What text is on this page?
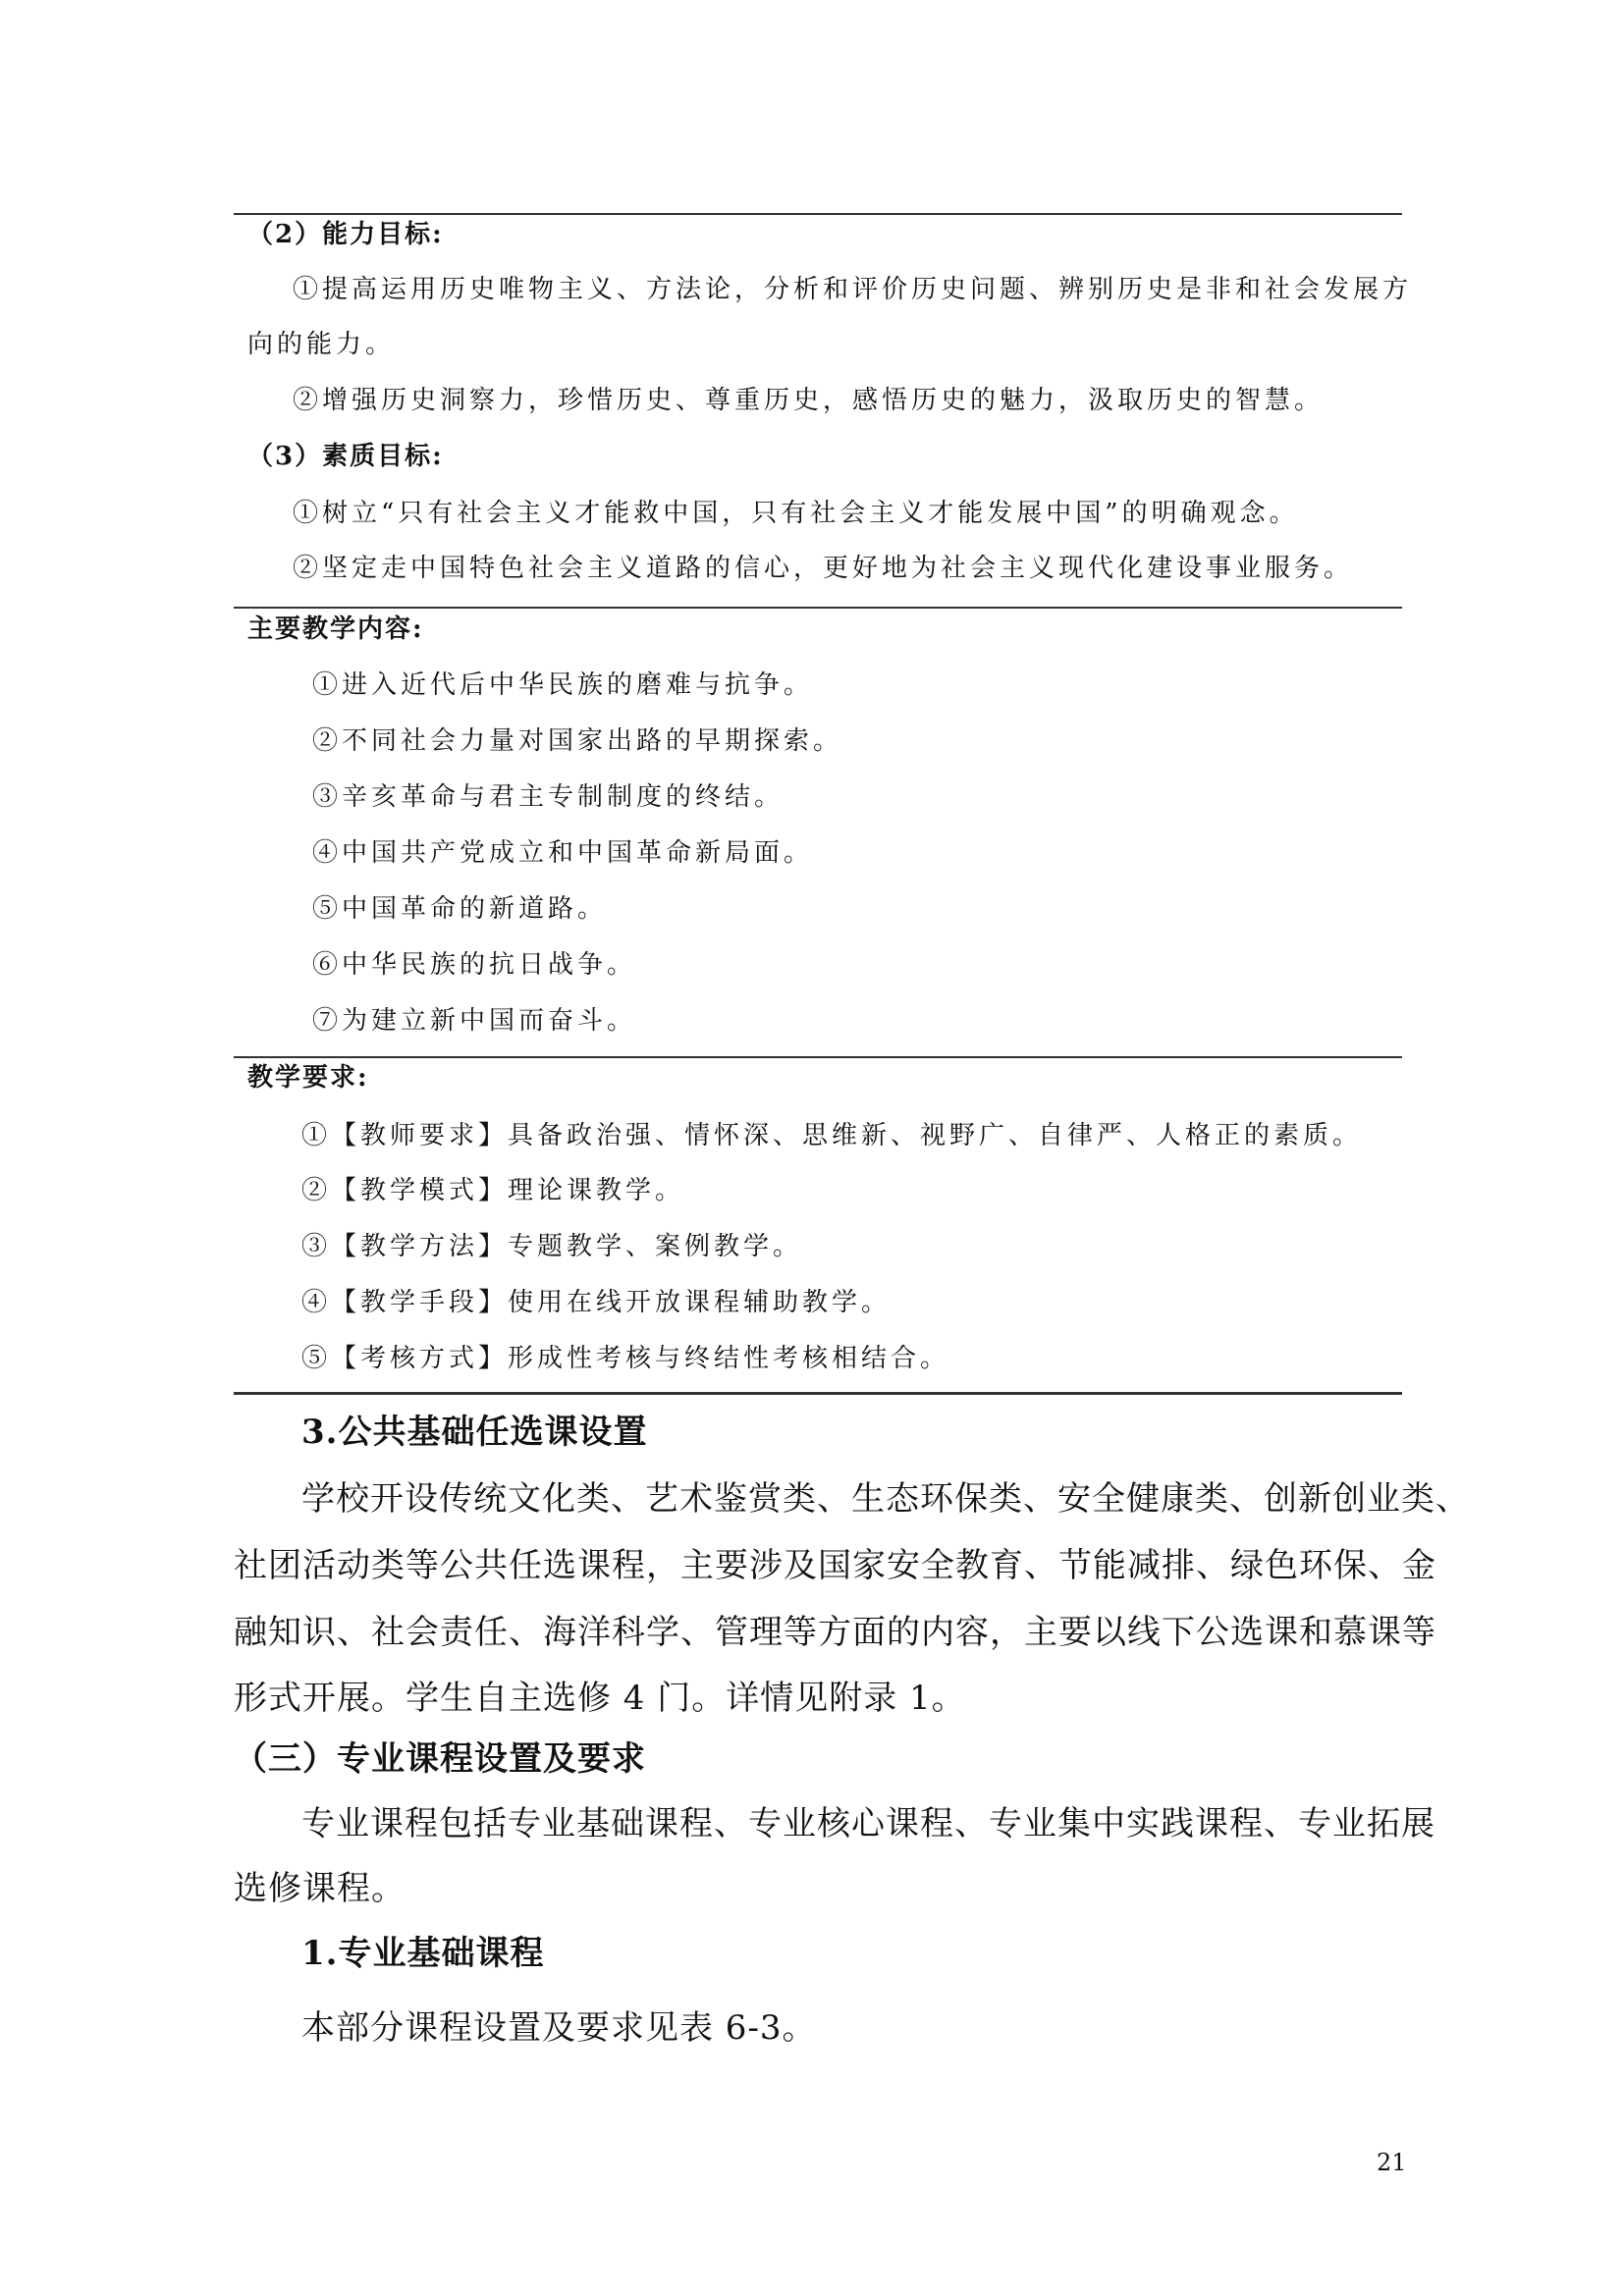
（2）能力目标:
①提高运用历史唯物主义、方法论，分析和评价历史问题、辨别历史是非和社会发展方
向的能力。
②增强历史洞察力，珍惜历史、尊重历史，感悟历史的魅力，汲取历史的智慧。
（3）素质目标:
①树立“只有社会主义才能救中国，只有社会主义才能发展中国”的明确观念。
②坚定走中国特色社会主义道路的信心，更好地为社会主义现代化建设事业服务。
主要教学内容:
①进入近代后中华民族的磨难与抗争。
②不同社会力量对国家出路的早期探索。
③辛亥革命与君主专制制度的终结。
④中国共产党成立和中国革命新局面。
⑤中国革命的新道路。
⑥中华民族的抗日战争。
⑦为建立新中国而奋斗。
教学要求:
①【教师要求】具备政治强、情怀深、思维新、视野广、自律严、人格正的素质。
②【教学模式】理论课教学。
③【教学方法】专题教学、案例教学。
④【教学手段】使用在线开放课程辅助教学。
⑤【考核方式】形成性考核与终结性考核相结合。
3.公共基础任选课设置
学校开设传统文化类、艺术鉴赏类、生态环保类、安全健康类、创新创业类、
社团活动类等公共任选课程，主要涉及国家安全教育、节能减排、绿色环保、金
融知识、社会责任、海洋科学、管理等方面的内容，主要以线下公选课和慕课等
形式开展。学生自主选修 4 门。详情见附录 1。
（三）专业课程设置及要求
专业课程包括专业基础课程、专业核心课程、专业集中实践课程、专业拓展
选修课程。
1.专业基础课程
本部分课程设置及要求见表 6-3。
21
